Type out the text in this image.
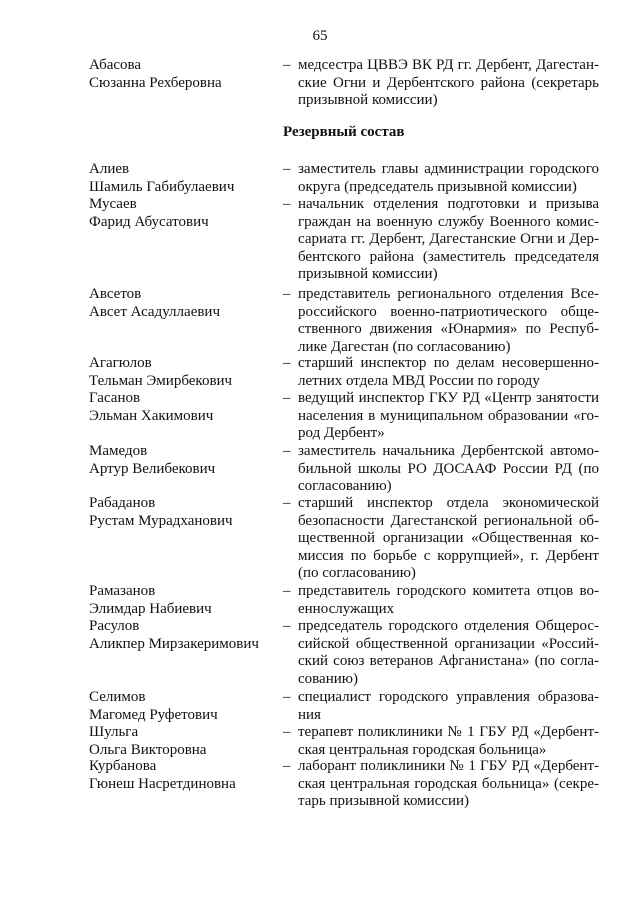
65
Резервный состав
Абасова
Сюзанна Рехберовна
– медсестра ЦВВЭ ВК РД гг. Дербент, Дагестан-
ские Огни и Дербентского района (секретарь
призывной комиссии)
Алиев
Шамиль Габибулаевич
– заместитель главы администрации городского
округа (председатель призывной комиссии)
Мусаев
Фарид Абусатович
– начальник отделения подготовки и призыва
граждан на военную службу Военного комис-
сариата гг. Дербент, Дагестанские Огни и Дер-
бентского района (заместитель председателя
призывной комиссии)
Авсетов
Авсет Асадуллаевич
– представитель регионального отделения Все-
российского военно-патриотического обще-
ственного движения «Юнармия» по Респуб-
лике Дагестан (по согласованию)
Агагюлов
Тельман Эмирбекович
– старший инспектор по делам несовершенно-
летних отдела МВД России по городу
Гасанов
Эльман Хакимович
– ведущий инспектор ГКУ РД «Центр занятости
населения в муниципальном образовании «го-
род Дербент»
Мамедов
Артур Велибекович
– заместитель начальника Дербентской автомо-
бильной школы РО ДОСААФ России РД (по
согласованию)
Рабаданов
Рустам Мурадханович
– старший инспектор отдела экономической
безопасности Дагестанской региональной об-
щественной организации «Общественная ко-
миссия по борьбе с коррупцией», г. Дербент
(по согласованию)
Рамазанов
Элимдар Набиевич
– представитель городского комитета отцов во-
еннослужащих
Расулов
Аликпер Мирзакеримович
– председатель городского отделения Общерос-
сийской общественной организации «Россий-
ский союз ветеранов Афганистана» (по согла-
сованию)
Селимов
Магомед Руфетович
– специалист городского управления образова-
ния
Шульга
Ольга Викторовна
– терапевт поликлиники № 1 ГБУ РД «Дербент-
ская центральная городская больница»
Курбанова
Гюнеш Насретдиновна
– лаборант поликлиники № 1 ГБУ РД «Дербент-
ская центральная городская больница» (секре-
тарь призывной комиссии)
